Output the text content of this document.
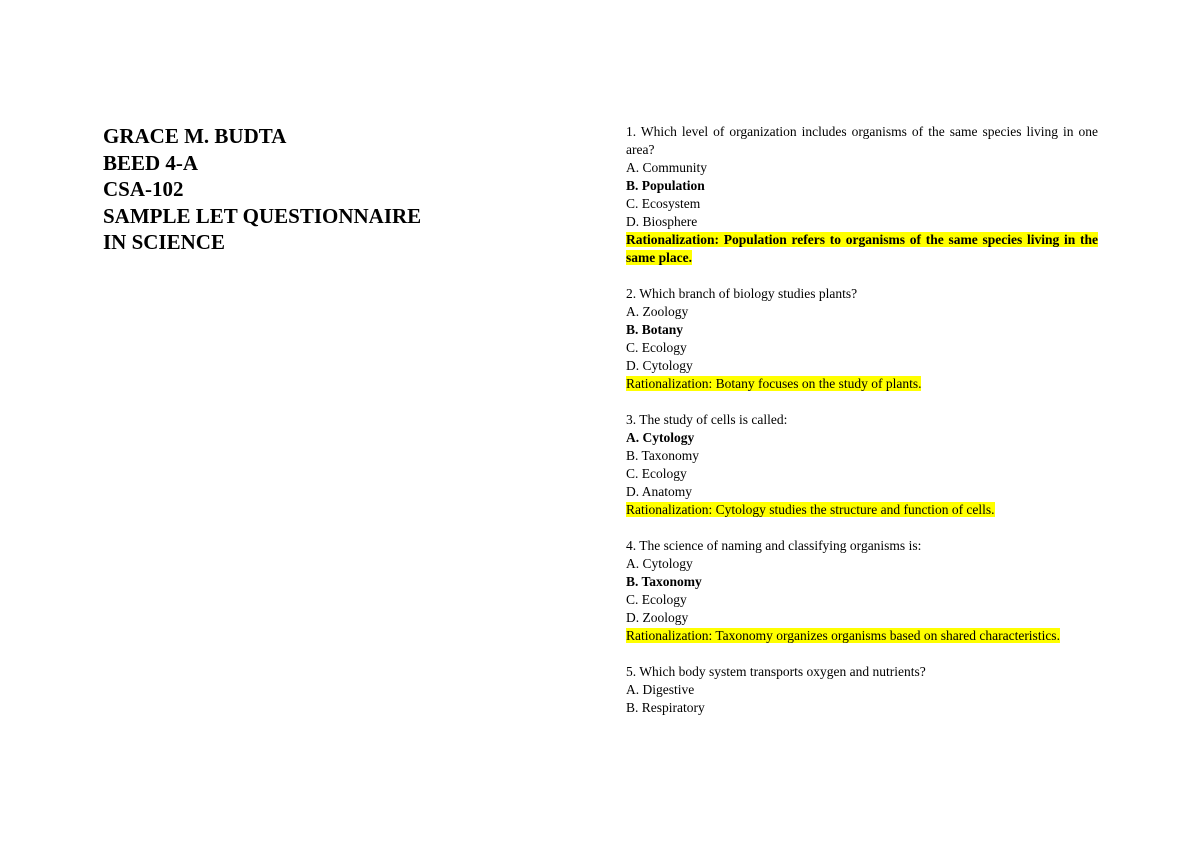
GRACE M. BUDTA

BEED 4-A

CSA-102

SAMPLE LET QUESTIONNAIRE

IN SCIENCE

1. Which level of organization includes organisms of the same species living in one area?
A. Community
B. Population
C. Ecosystem
D. Biosphere
Rationalization: Population refers to organisms of the same species living in the same place.
2. Which branch of biology studies plants?
A. Zoology
B. Botany
C. Ecology
D. Cytology
Rationalization: Botany focuses on the study of plants.
3. The study of cells is called:
A. Cytology
B. Taxonomy
C. Ecology
D. Anatomy
Rationalization: Cytology studies the structure and function of cells.
4. The science of naming and classifying organisms is:
A. Cytology
B. Taxonomy
C. Ecology
D. Zoology
Rationalization: Taxonomy organizes organisms based on shared characteristics.
5. Which body system transports oxygen and nutrients?
A. Digestive
B. Respiratory
